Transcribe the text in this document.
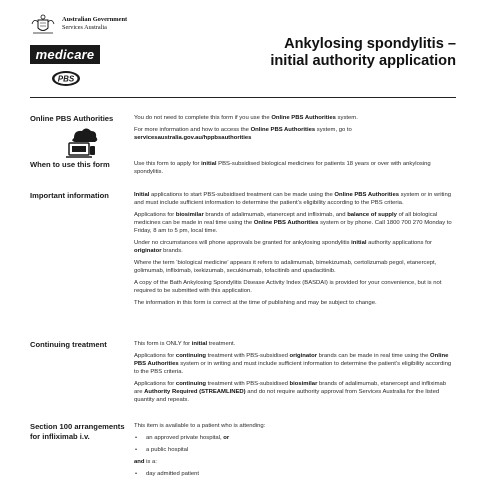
Australian Government
Services Australia
medicare
PBS
Ankylosing spondylitis –
initial authority application
Online PBS Authorities	You do not need to complete this form if you use the Online PBS Authorities system.

For more information and how to access the Online PBS Authorities system, go to

servicesaustralia.gov.au/hppbsauthorities

When to use this form	Use this form to apply for initial PBS-subsidised biological medicines for patients 18 years or over with ankylosing spondylitis.

Important information	Initial applications to start PBS-subsidised treatment can be made using the Online PBS Authorities system or in writing and must include sufficient information to determine the patient’s eligibility according to the PBS criteria.

Applications for biosimilar brands of adalimumab, etanercept and infliximab, and balance of supply of all biological medicines can be made in real time using the Online PBS Authorities system or by phone. Call 1800 700 270 Monday to Friday, 8 am to 5 pm, local time.

Under no circumstances will phone approvals be granted for ankylosing spondylitis initial authority applications for originator brands.

Where the term ‘biological medicine’ appears it refers to adalimumab, bimekizumab, certolizumab pegol, etanercept, golimumab, infliximab, ixekizumab, secukinumab, tofacitinib and upadacitinib.

A copy of the Bath Ankylosing Spondylitis Disease Activity Index (BASDAI) is provided for your convenience, but is not required to be submitted with this application.

The information in this form is correct at the time of publishing and may be subject to change.

Continuing treatment	This form is ONLY for initial treatment.

Applications for continuing treatment with PBS-subsidised originator brands can be made in real time using the Online PBS Authorities system or in writing and must include sufficient information to determine the patient’s eligibility according to the PBS criteria.

Applications for continuing treatment with PBS-subsidised biosimilar brands of adalimumab, etanercept and infliximab are Authority Required (STREAMLINED) and do not require authority approval from Services Australia for the listed quantity and repeats.

Section 100 arrangements for infliximab i.v.

This item is available to a patient who is attending:

• an approved private hospital, or
• a public hospital

and is a:

• day admitted patient
